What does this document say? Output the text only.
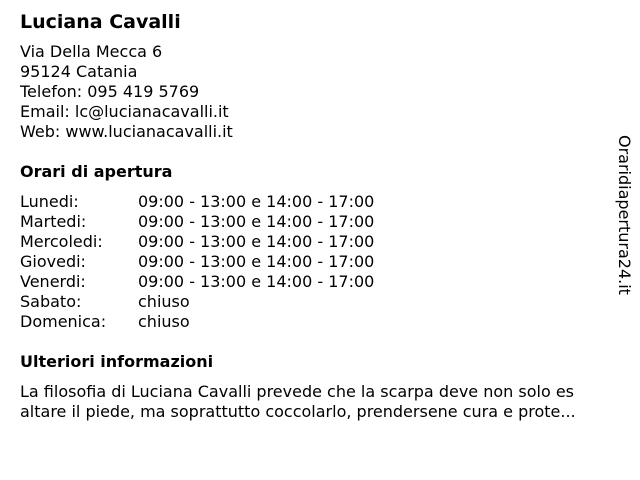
Luciana Cavalli
Via Della Mecca 6
95124 Catania
Telefon: 095 419 5769
Email: lc@lucianacavalli.it
Web: www.lucianacavalli.it
Orari di apertura
Lunedi:	09:00 - 13:00 e 14:00 - 17:00
Martedi:	09:00 - 13:00 e 14:00 - 17:00
Mercoledi: 09:00 - 13:00 e 14:00 - 17:00
Giovedi:	09:00 - 13:00 e 14:00 - 17:00
Venerdi:	09:00 - 13:00 e 14:00 - 17:00
Sabato:	chiuso
Domenica: chiuso
Ulteriori informazioni
La filosofia di Luciana Cavalli prevede che la scarpa deve non solo es
altare il piede, ma soprattutto coccolarlo, prendersene cura e prote...
Oraridiapertura24.it
